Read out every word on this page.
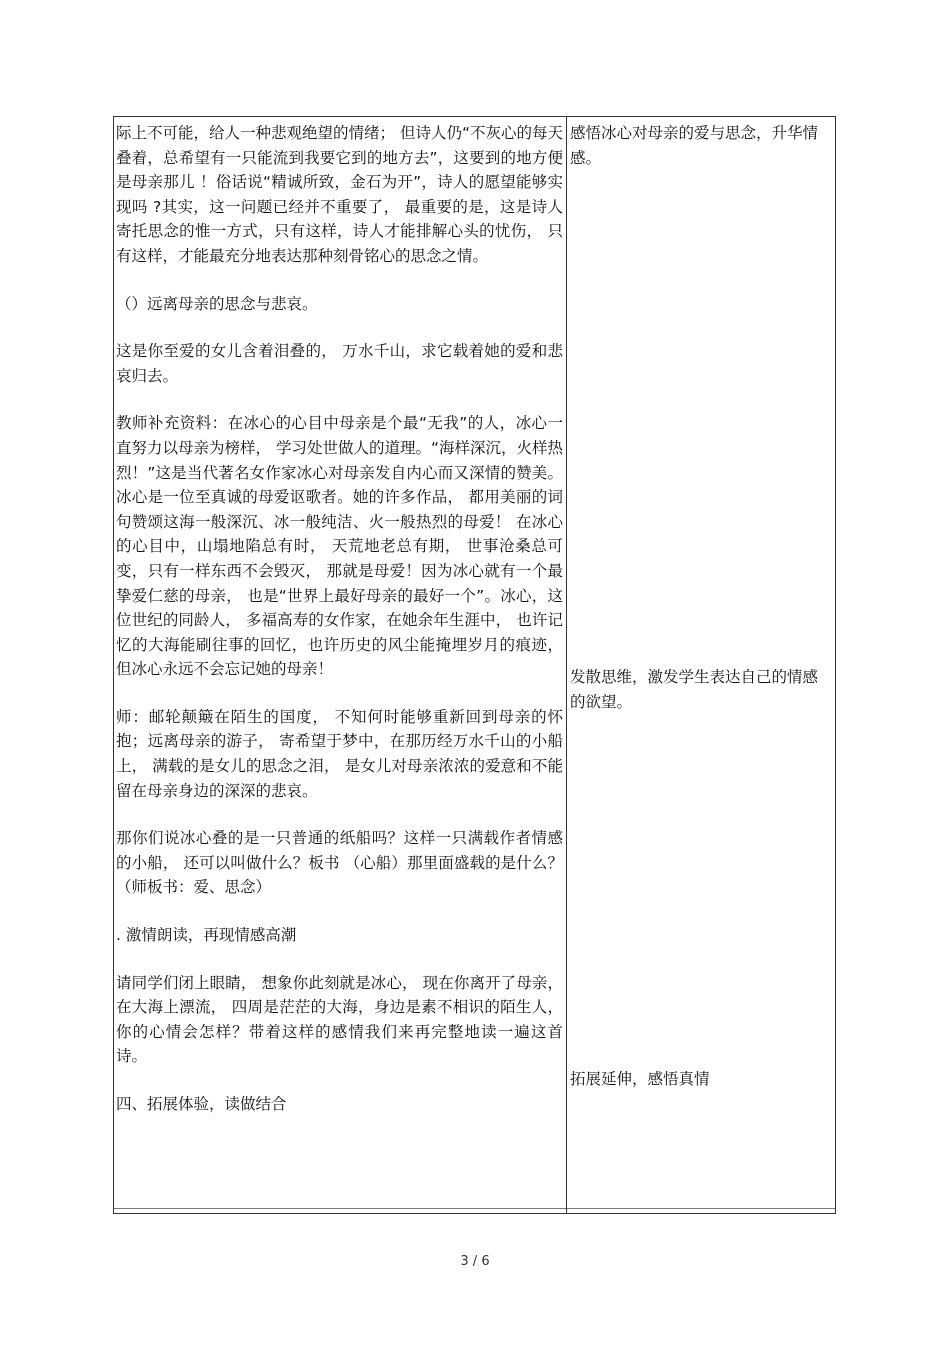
际上不可能，给人一种悲观绝望的情绪； 但诗人仍“不灰心的每天叠着，总希望有一只能流到我要它到的地方去”，这要到的地方便是母亲那儿 ！俗话说“精诚所致，金石为开”，诗人的愿望能够实现吗 ?其实，这一问题已经并不重要了， 最重要的是，这是诗人寄托思念的惟一方式，只有这样，诗人才能排解心头的忧伤， 只有这样，才能最充分地表达那种刻骨铭心的思念之情。

（）远离母亲的思念与悲哀。

这是你至爱的女儿含着泪叠的， 万水千山，求它载着她的爱和悲哀归去。

教师补充资料：在冰心的心目中母亲是个最“无我”的人，冰心一直努力以母亲为榜样， 学习处世做人的道理。“海样深沉，火样热烈！”这是当代著名女作家冰心对母亲发自内心而又深情的赞美。 冰心是一位至真诚的母爱讴歌者。她的许多作品， 都用美丽的词句赞颂这海一般深沉、冰一般纯洁、火一般热烈的母爱！ 在冰心的心目中，山塌地陷总有时， 天荒地老总有期， 世事沧桑总可变，只有一样东西不会毁灭， 那就是母爱！因为冰心就有一个最挚爱仁慈的母亲， 也是“世界上最好母亲的最好一个”。冰心，这位世纪的同龄人， 多福高寿的女作家，在她余年生涯中， 也许记忆的大海能刷往事的回忆，也许历史的风尘能掩埋岁月的痕迹， 但冰心永远不会忘记她的母亲！

师：邮轮颠簸在陌生的国度， 不知何时能够重新回到母亲的怀抱；远离母亲的游子， 寄希望于梦中，在那历经万水千山的小船上， 满载的是女儿的思念之泪， 是女儿对母亲浓浓的爱意和不能留在母亲身边的深深的悲哀。

那你们说冰心叠的是一只普通的纸船吗？这样一只满载作者情感的小船， 还可以叫做什么？板书 （心船）那里面盛载的是什么？（师板书：爱、思念）

. 激情朗读，再现情感高潮

请同学们闭上眼睛， 想象你此刻就是冰心， 现在你离开了母亲，在大海上漂流， 四周是茫茫的大海，身边是素不相识的陌生人， 你的心情会怎样？带着这样的感情我们来再完整地读一遍这首诗。

四、拓展体验，读做结合

感悟冰心对母亲的爱与思念，升华情感。

发散思维，激发学生表达自己的情感的欲望。

拓展延伸，感悟真情

3 / 6
